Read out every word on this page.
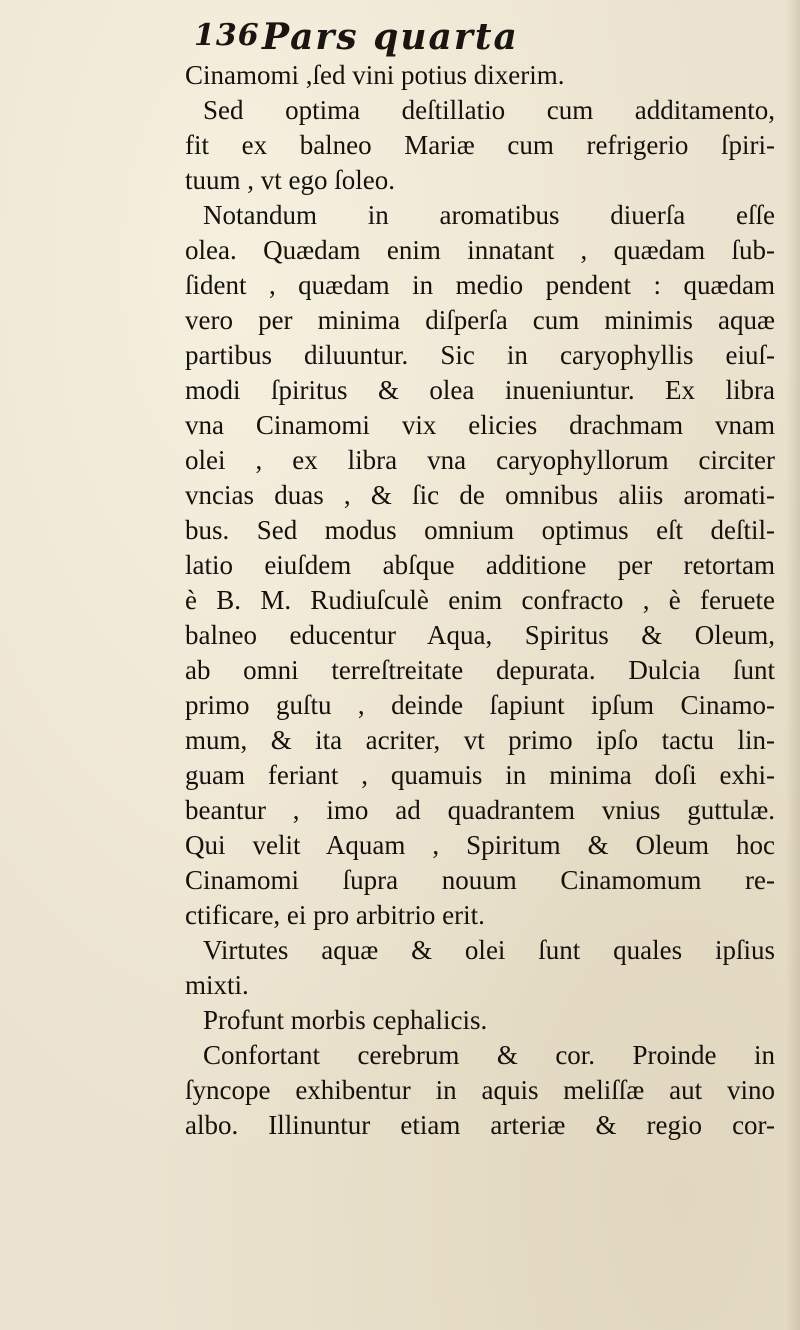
136 Pars quarta
Cinamomi ,ſed vini potius dixerim.
Sed optima deſtillatio cum additamento,
fit ex balneo Mariæ cum refrigerio ſpiri-
tuum , vt ego ſoleo.
Notandum in aromatibus diuerſa eſſe
olea. Quædam enim innatant , quædam ſub-
ſident , quædam in medio pendent : quædam
vero per minima diſperſa cum minimis aquæ
partibus diluuntur. Sic in caryophyllis eiuſ-
modi ſpiritus & olea inueniuntur. Ex libra
vna Cinamomi vix elicies drachmam vnam
olei , ex libra vna caryophyllorum circiter
vncias duas , & ſic de omnibus aliis aromati-
bus. Sed modus omnium optimus eſt deſtil-
latio eiuſdem abſque additione per retortam
è B. M. Rudiuſculè enim confracto , è feruete
balneo educentur Aqua, Spiritus & Oleum,
ab omni terreſtreitate depurata. Dulcia ſunt
primo guſtu , deinde ſapiunt ipſum Cinamo-
mum, & ita acriter, vt primo ipſo tactu lin-
guam feriant , quamuis in minima doſi exhi-
beantur , imo ad quadrantem vnius guttulæ.
Qui velit Aquam , Spiritum & Oleum hoc
Cinamomi ſupra nouum Cinamomum re-
ctificare, ei pro arbitrio erit.
Virtutes aquæ & olei ſunt quales ipſius
mixti.
Profunt morbis cephalicis.
Confortant cerebrum & cor. Proinde in
ſyncope exhibentur in aquis meliſſæ aut vino
albo. Illinuntur etiam arteriæ & regio cor-
